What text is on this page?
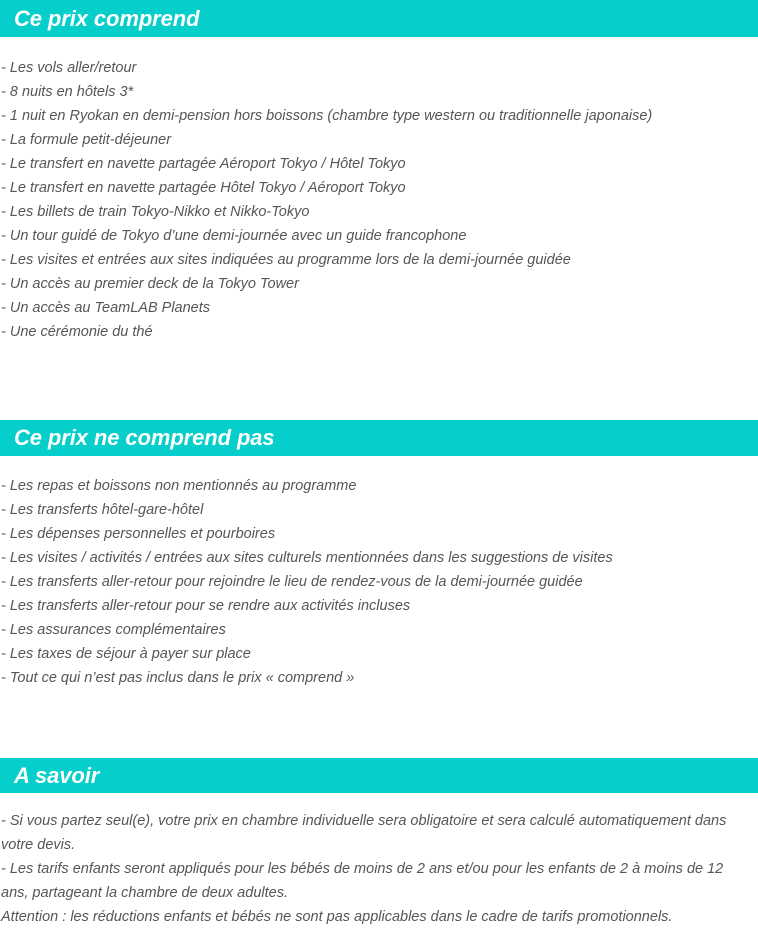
Ce prix comprend
- Les vols aller/retour
- 8 nuits en hôtels 3*
- 1 nuit en Ryokan en demi-pension hors boissons (chambre type western ou traditionnelle japonaise)
- La formule petit-déjeuner
- Le transfert en navette partagée Aéroport Tokyo / Hôtel Tokyo
- Le transfert en navette partagée Hôtel Tokyo / Aéroport Tokyo
- Les billets de train Tokyo-Nikko et Nikko-Tokyo
- Un tour guidé de Tokyo d’une demi-journée avec un guide francophone
- Les visites et entrées aux sites indiquées au programme lors de la demi-journée guidée
- Un accès au premier deck de la Tokyo Tower
- Un accès au TeamLAB Planets
- Une cérémonie du thé
Ce prix ne comprend pas
- Les repas et boissons non mentionnés au programme
- Les transferts hôtel-gare-hôtel
- Les dépenses personnelles et pourboires
- Les visites / activités / entrées aux sites culturels mentionnées dans les suggestions de visites
- Les transferts aller-retour pour rejoindre le lieu de rendez-vous de la demi-journée guidée
- Les transferts aller-retour pour se rendre aux activités incluses
- Les assurances complémentaires
- Les taxes de séjour à payer sur place
- Tout ce qui n’est pas inclus dans le prix « comprend »
A savoir
- Si vous partez seul(e), votre prix en chambre individuelle sera obligatoire et sera calculé automatiquement dans votre devis.
- Les tarifs enfants seront appliqués pour les bébés de moins de 2 ans et/ou pour les enfants de 2 à moins de 12 ans, partageant la chambre de deux adultes.
Attention : les réductions enfants et bébés ne sont pas applicables dans le cadre de tarifs promotionnels.
